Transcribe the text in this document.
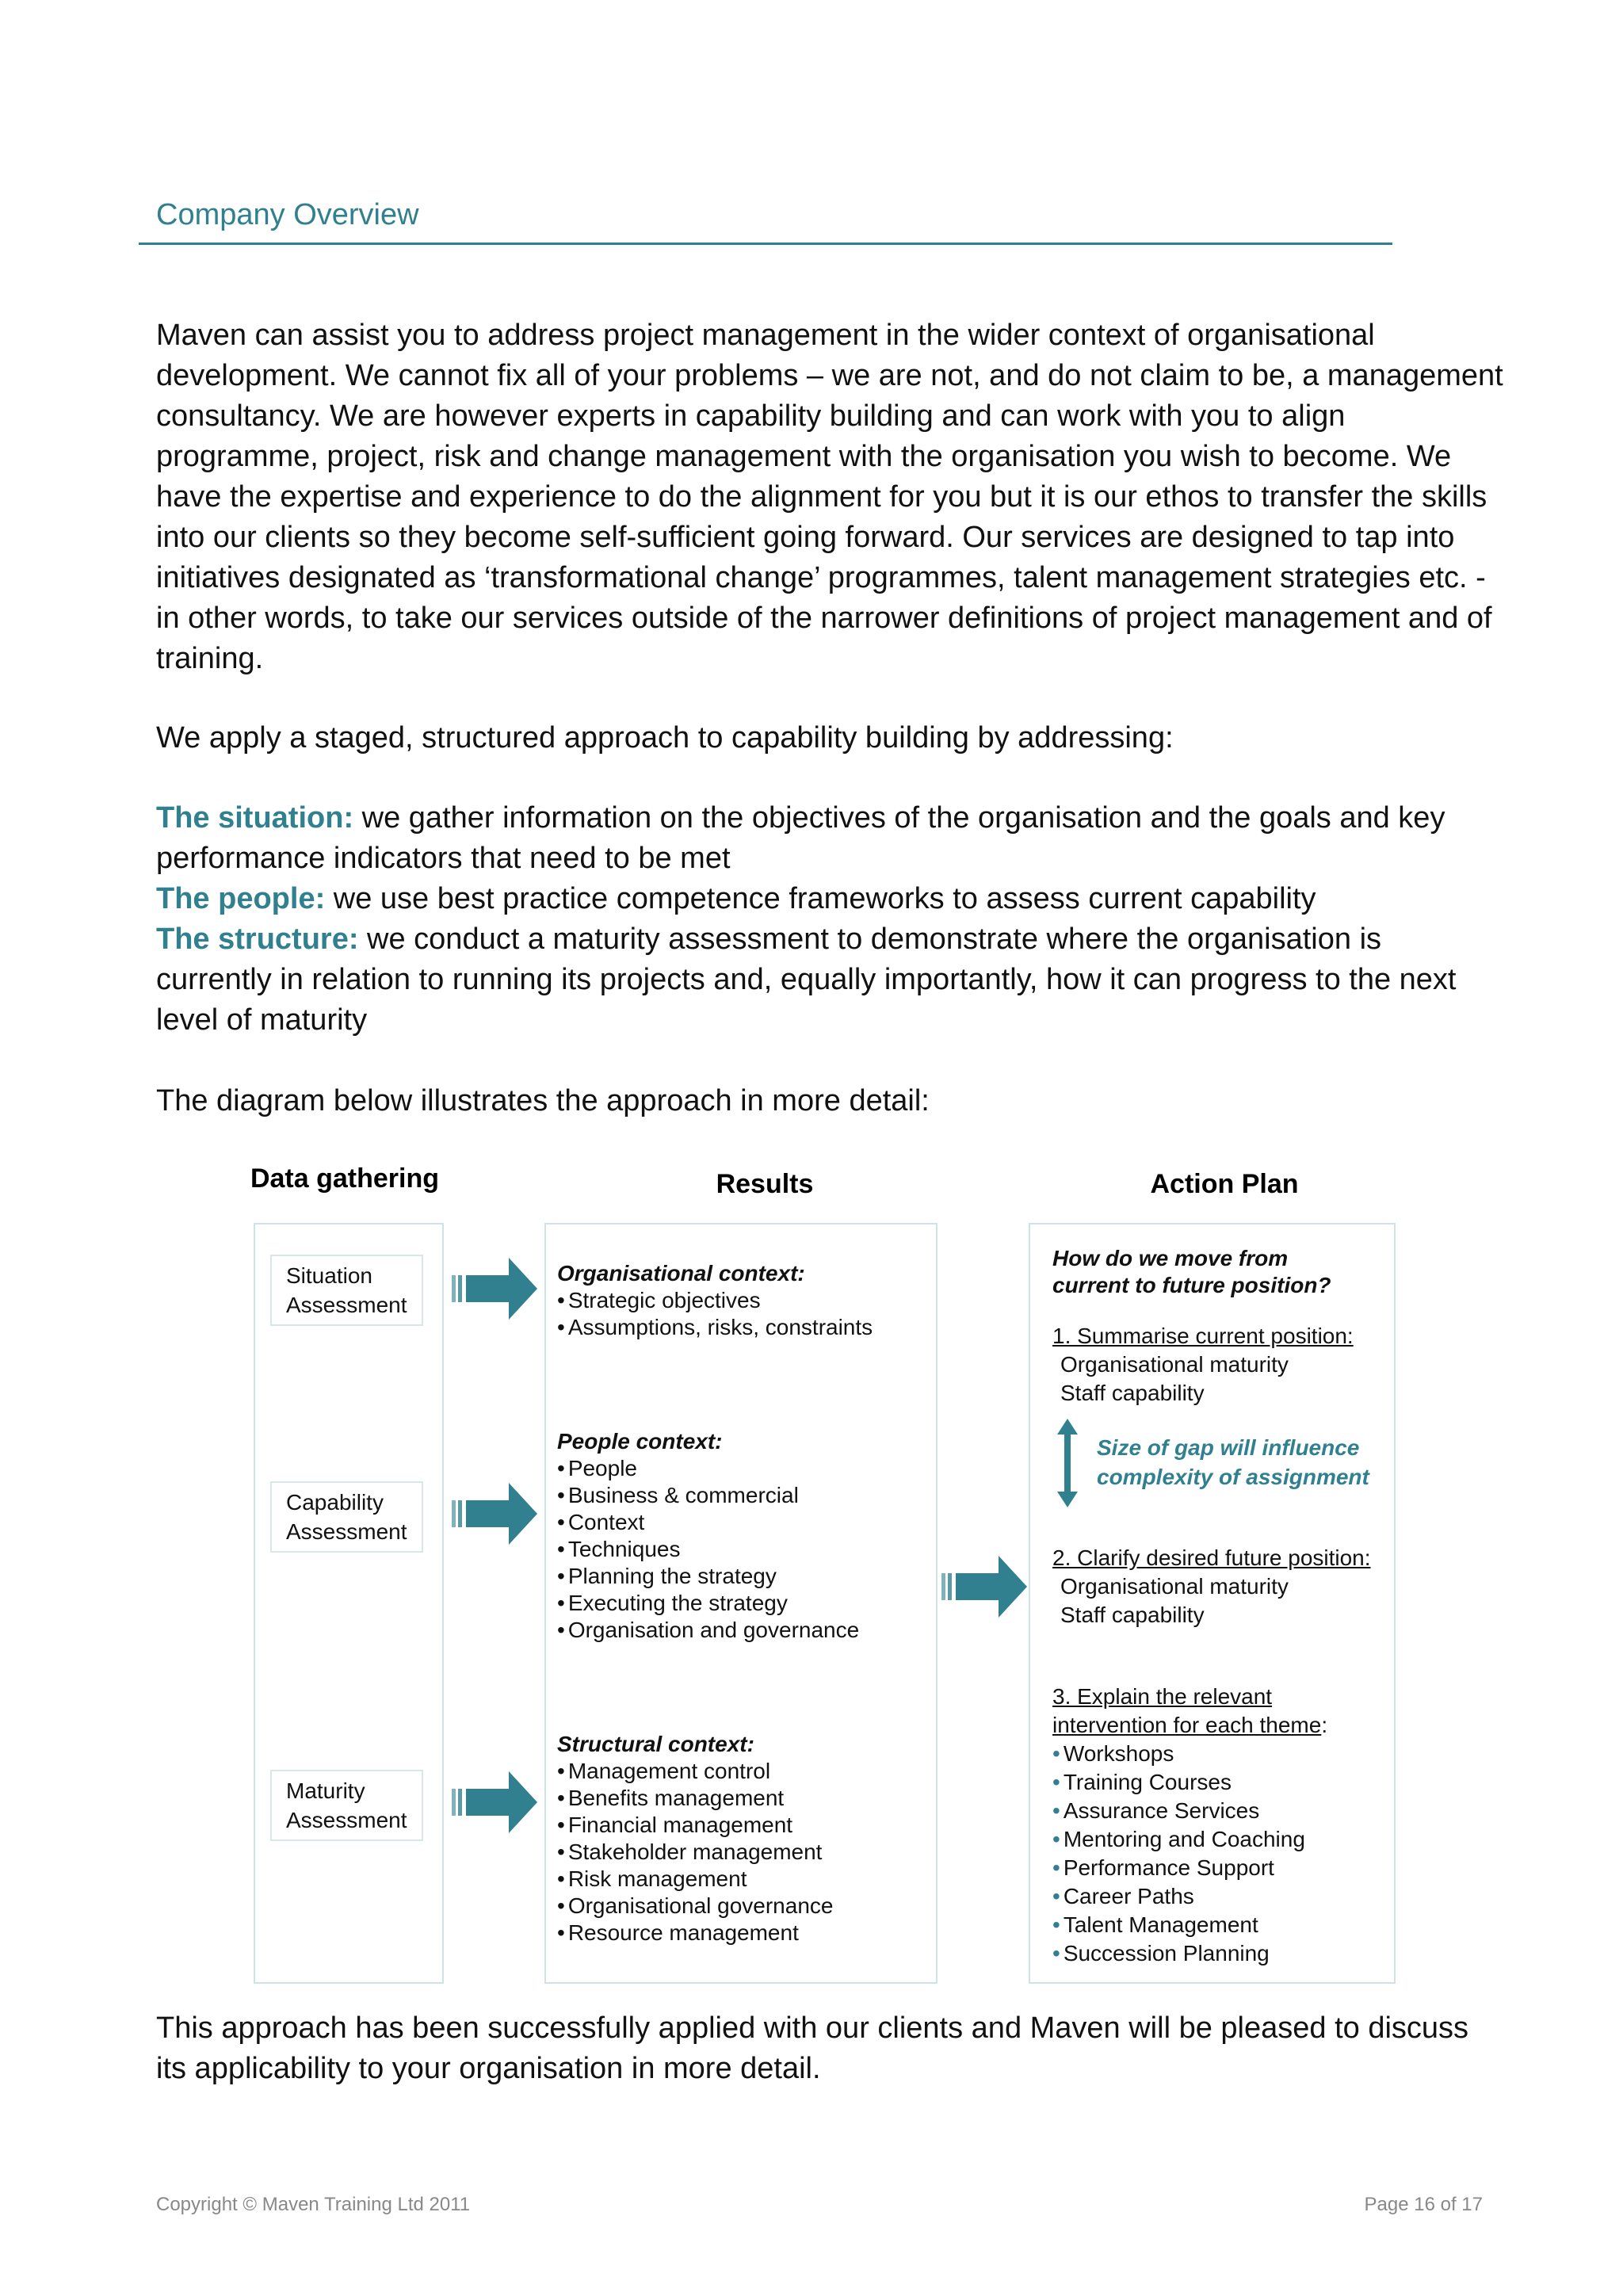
Company Overview
Maven can assist you to address project management in the wider context of organisational development. We cannot fix all of your problems – we are not, and do not claim to be, a management consultancy. We are however experts in capability building and can work with you to align programme, project, risk and change management with the organisation you wish to become. We have the expertise and experience to do the alignment for you but it is our ethos to transfer the skills into our clients so they become self-sufficient going forward. Our services are designed to tap into initiatives designated as ‘transformational change’ programmes, talent management strategies etc. - in other words, to take our services outside of the narrower definitions of project management and of training.
We apply a staged, structured approach to capability building by addressing:
The situation: we gather information on the objectives of the organisation and the goals and key performance indicators that need to be met
The people: we use best practice competence frameworks to assess current capability
The structure: we conduct a maturity assessment to demonstrate where the organisation is currently in relation to running its projects and, equally importantly, how it can progress to the next level of maturity
The diagram below illustrates the approach in more detail:
Data gathering	Results	Action Plan
Situation Assessment
Capability Assessment
Maturity Assessment
Organisational context:
• Strategic objectives
• Assumptions, risks, constraints
People context:
• People
• Business & commercial
• Context
• Techniques
• Planning the strategy
• Executing the strategy
• Organisation and governance
Structural context:
• Management control
• Benefits management
• Financial management
• Stakeholder management
• Risk management
• Organisational governance
• Resource management
How do we move from
current to future position?
1. Summarise current position:
Organisational maturity
Staff capability
Size of gap will influence
complexity of assignment
2. Clarify desired future position:
Organisational maturity
Staff capability
3. Explain the relevant
intervention for each theme:
• Workshops
• Training Courses
• Assurance Services
• Mentoring and Coaching
• Performance Support
• Career Paths
• Talent Management
• Succession Planning
This approach has been successfully applied with our clients and Maven will be pleased to discuss its applicability to your organisation in more detail.
Copyright © Maven Training Ltd 2011	Page 16 of 17
